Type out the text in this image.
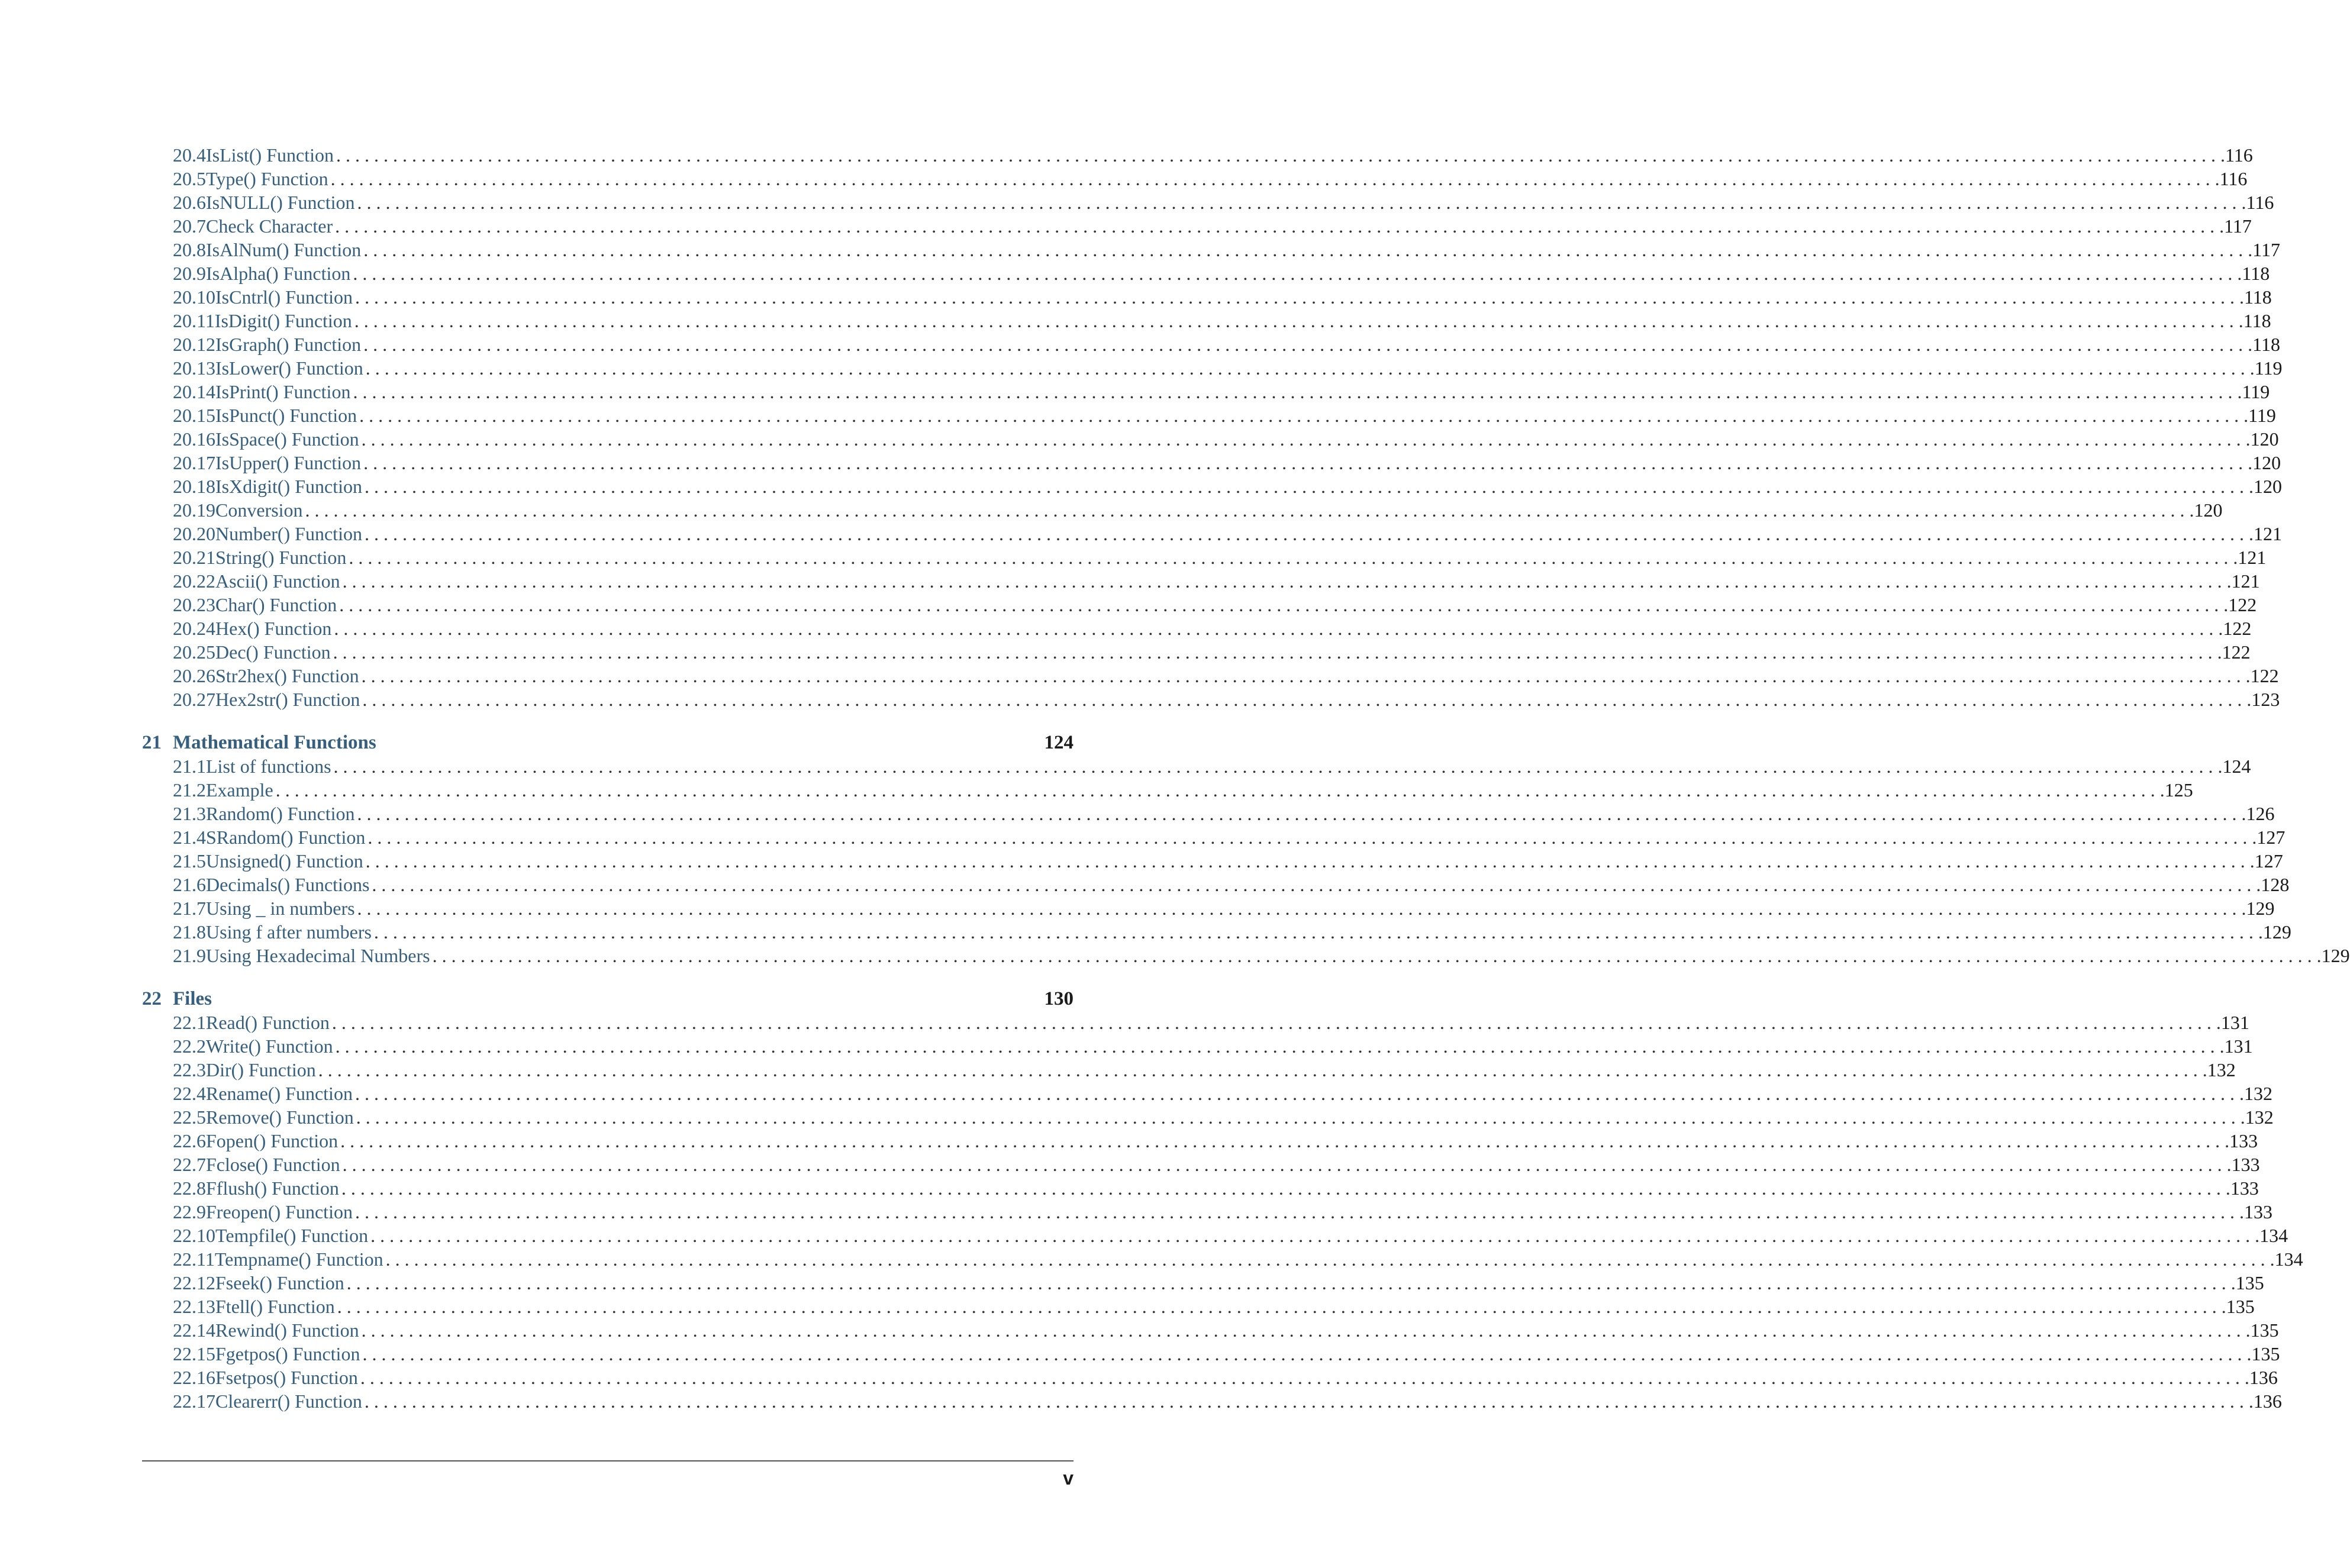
20.4 IsList() Function . . . . . . . . . . . . . . . . . . . . . . . . . . . . . . . . . . . . . . . . . . . . . . . . . . . . . . . . . . . . . . . . . . . . . . . . . . . . . . . . . . . . . . . . . . . . . . . . . . . . . . . . . . . . . . . . . . . . . . . . . . . . . . . . . . . . . . . . . . . . . . . . . . . . . . . . . . . . . . . . . . . . . . . . . . . . . . . . . . . . . . . . . . . . . . . . . . . . . . . . 116
20.5 Type() Function . . . . . . . . . . . . . . . . . . . . . . . . . . . . . . . . . . . . . . . . . . . . . . . . . . . . . . . . . . . . . . . . . . . . . . . . . . . . . . . . . . . . . . . . . . . . . . . . . . . . . . . . . . . . . . . . . . . . . . . . . . . . . . . . . . . . . . . . . . . . . . . . . . . . . . . . . . . . . . . . . . . . . . . . . . . . . . . . . . . . . . . . . . . . . . . . . . . . . . . . 116
20.6 IsNULL() Function . . . . . . . . . . . . . . . . . . . . . . . . . . . . . . . . . . . . . . . . . . . . . . . . . . . . . . . . . . . . . . . . . . . . . . . . . . . . . . . . . . . . . . . . . . . . . . . . . . . . . . . . . . . . . . . . . . . . . . . . . . . . . . . . . . . . . . . . . . . . . . . . . . . . . . . . . . . . . . . . . . . . . . . . . . . . . . . . . . . . . . . . . . . . . . . . . . . . . . . . 116
20.7 Check Character . . . . . . . . . . . . . . . . . . . . . . . . . . . . . . . . . . . . . . . . . . . . . . . . . . . . . . . . . . . . . . . . . . . . . . . . . . . . . . . . . . . . . . . . . . . . . . . . . . . . . . . . . . . . . . . . . . . . . . . . . . . . . . . . . . . . . . . . . . . . . . . . . . . . . . . . . . . . . . . . . . . . . . . . . . . . . . . . . . . . . . . . . . . . . . . . . . . . . . . . 117
20.8 IsAlNum() Function . . . . . . . . . . . . . . . . . . . . . . . . . . . . . . . . . . . . . . . . . . . . . . . . . . . . . . . . . . . . . . . . . . . . . . . . . . . . . . . . . . . . . . . . . . . . . . . . . . . . . . . . . . . . . . . . . . . . . . . . . . . . . . . . . . . . . . . . . . . . . . . . . . . . . . . . . . . . . . . . . . . . . . . . . . . . . . . . . . . . . . . . . . . . . . . . . . . . . . . . 117
20.9 IsAlpha() Function . . . . . . . . . . . . . . . . . . . . . . . . . . . . . . . . . . . . . . . . . . . . . . . . . . . . . . . . . . . . . . . . . . . . . . . . . . . . . . . . . . . . . . . . . . . . . . . . . . . . . . . . . . . . . . . . . . . . . . . . . . . . . . . . . . . . . . . . . . . . . . . . . . . . . . . . . . . . . . . . . . . . . . . . . . . . . . . . . . . . . . . . . . . . . . . . . . . . . . . . 118
20.10 IsCntrl() Function . . . . . . . . . . . . . . . . . . . . . . . . . . . . . . . . . . . . . . . . . . . . . . . . . . . . . . . . . . . . . . . . . . . . . . . . . . . . . . . . . . . . . . . . . . . . . . . . . . . . . . . . . . . . . . . . . . . . . . . . . . . . . . . . . . . . . . . . . . . . . . . . . . . . . . . . . . . . . . . . . . . . . . . . . . . . . . . . . . . . . . . . . . . . . . . . . . . . . . . . 118
20.11 IsDigit() Function . . . . . . . . . . . . . . . . . . . . . . . . . . . . . . . . . . . . . . . . . . . . . . . . . . . . . . . . . . . . . . . . . . . . . . . . . . . . . . . . . . . . . . . . . . . . . . . . . . . . . . . . . . . . . . . . . . . . . . . . . . . . . . . . . . . . . . . . . . . . . . . . . . . . . . . . . . . . . . . . . . . . . . . . . . . . . . . . . . . . . . . . . . . . . . . . . . . . . . . . 118
20.12 IsGraph() Function . . . . . . . . . . . . . . . . . . . . . . . . . . . . . . . . . . . . . . . . . . . . . . . . . . . . . . . . . . . . . . . . . . . . . . . . . . . . . . . . . . . . . . . . . . . . . . . . . . . . . . . . . . . . . . . . . . . . . . . . . . . . . . . . . . . . . . . . . . . . . . . . . . . . . . . . . . . . . . . . . . . . . . . . . . . . . . . . . . . . . . . . . . . . . . . . . . . . . . . . 118
20.13 IsLower() Function . . . . . . . . . . . . . . . . . . . . . . . . . . . . . . . . . . . . . . . . . . . . . . . . . . . . . . . . . . . . . . . . . . . . . . . . . . . . . . . . . . . . . . . . . . . . . . . . . . . . . . . . . . . . . . . . . . . . . . . . . . . . . . . . . . . . . . . . . . . . . . . . . . . . . . . . . . . . . . . . . . . . . . . . . . . . . . . . . . . . . . . . . . . . . . . . . . . . . . . . 119
20.14 IsPrint() Function . . . . . . . . . . . . . . . . . . . . . . . . . . . . . . . . . . . . . . . . . . . . . . . . . . . . . . . . . . . . . . . . . . . . . . . . . . . . . . . . . . . . . . . . . . . . . . . . . . . . . . . . . . . . . . . . . . . . . . . . . . . . . . . . . . . . . . . . . . . . . . . . . . . . . . . . . . . . . . . . . . . . . . . . . . . . . . . . . . . . . . . . . . . . . . . . . . . . . . . . 119
20.15 IsPunct() Function . . . . . . . . . . . . . . . . . . . . . . . . . . . . . . . . . . . . . . . . . . . . . . . . . . . . . . . . . . . . . . . . . . . . . . . . . . . . . . . . . . . . . . . . . . . . . . . . . . . . . . . . . . . . . . . . . . . . . . . . . . . . . . . . . . . . . . . . . . . . . . . . . . . . . . . . . . . . . . . . . . . . . . . . . . . . . . . . . . . . . . . . . . . . . . . . . . . . . . . . 119
20.16 IsSpace() Function . . . . . . . . . . . . . . . . . . . . . . . . . . . . . . . . . . . . . . . . . . . . . . . . . . . . . . . . . . . . . . . . . . . . . . . . . . . . . . . . . . . . . . . . . . . . . . . . . . . . . . . . . . . . . . . . . . . . . . . . . . . . . . . . . . . . . . . . . . . . . . . . . . . . . . . . . . . . . . . . . . . . . . . . . . . . . . . . . . . . . . . . . . . . . . . . . . . . . . . . 120
20.17 IsUpper() Function . . . . . . . . . . . . . . . . . . . . . . . . . . . . . . . . . . . . . . . . . . . . . . . . . . . . . . . . . . . . . . . . . . . . . . . . . . . . . . . . . . . . . . . . . . . . . . . . . . . . . . . . . . . . . . . . . . . . . . . . . . . . . . . . . . . . . . . . . . . . . . . . . . . . . . . . . . . . . . . . . . . . . . . . . . . . . . . . . . . . . . . . . . . . . . . . . . . . . . . . 120
20.18 IsXdigit() Function . . . . . . . . . . . . . . . . . . . . . . . . . . . . . . . . . . . . . . . . . . . . . . . . . . . . . . . . . . . . . . . . . . . . . . . . . . . . . . . . . . . . . . . . . . . . . . . . . . . . . . . . . . . . . . . . . . . . . . . . . . . . . . . . . . . . . . . . . . . . . . . . . . . . . . . . . . . . . . . . . . . . . . . . . . . . . . . . . . . . . . . . . . . . . . . . . . . . . . . . 120
20.19 Conversion . . . . . . . . . . . . . . . . . . . . . . . . . . . . . . . . . . . . . . . . . . . . . . . . . . . . . . . . . . . . . . . . . . . . . . . . . . . . . . . . . . . . . . . . . . . . . . . . . . . . . . . . . . . . . . . . . . . . . . . . . . . . . . . . . . . . . . . . . . . . . . . . . . . . . . . . . . . . . . . . . . . . . . . . . . . . . . . . . . . . . . . . . . . . . . . . . . . . . . . . 120
20.20 Number() Function . . . . . . . . . . . . . . . . . . . . . . . . . . . . . . . . . . . . . . . . . . . . . . . . . . . . . . . . . . . . . . . . . . . . . . . . . . . . . . . . . . . . . . . . . . . . . . . . . . . . . . . . . . . . . . . . . . . . . . . . . . . . . . . . . . . . . . . . . . . . . . . . . . . . . . . . . . . . . . . . . . . . . . . . . . . . . . . . . . . . . . . . . . . . . . . . . . . . . . . . 121
20.21 String() Function . . . . . . . . . . . . . . . . . . . . . . . . . . . . . . . . . . . . . . . . . . . . . . . . . . . . . . . . . . . . . . . . . . . . . . . . . . . . . . . . . . . . . . . . . . . . . . . . . . . . . . . . . . . . . . . . . . . . . . . . . . . . . . . . . . . . . . . . . . . . . . . . . . . . . . . . . . . . . . . . . . . . . . . . . . . . . . . . . . . . . . . . . . . . . . . . . . . . . . . . 121
20.22 Ascii() Function . . . . . . . . . . . . . . . . . . . . . . . . . . . . . . . . . . . . . . . . . . . . . . . . . . . . . . . . . . . . . . . . . . . . . . . . . . . . . . . . . . . . . . . . . . . . . . . . . . . . . . . . . . . . . . . . . . . . . . . . . . . . . . . . . . . . . . . . . . . . . . . . . . . . . . . . . . . . . . . . . . . . . . . . . . . . . . . . . . . . . . . . . . . . . . . . . . . . . . . . 121
20.23 Char() Function . . . . . . . . . . . . . . . . . . . . . . . . . . . . . . . . . . . . . . . . . . . . . . . . . . . . . . . . . . . . . . . . . . . . . . . . . . . . . . . . . . . . . . . . . . . . . . . . . . . . . . . . . . . . . . . . . . . . . . . . . . . . . . . . . . . . . . . . . . . . . . . . . . . . . . . . . . . . . . . . . . . . . . . . . . . . . . . . . . . . . . . . . . . . . . . . . . . . . . . . 122
20.24 Hex() Function . . . . . . . . . . . . . . . . . . . . . . . . . . . . . . . . . . . . . . . . . . . . . . . . . . . . . . . . . . . . . . . . . . . . . . . . . . . . . . . . . . . . . . . . . . . . . . . . . . . . . . . . . . . . . . . . . . . . . . . . . . . . . . . . . . . . . . . . . . . . . . . . . . . . . . . . . . . . . . . . . . . . . . . . . . . . . . . . . . . . . . . . . . . . . . . . . . . . . . . . 122
20.25 Dec() Function . . . . . . . . . . . . . . . . . . . . . . . . . . . . . . . . . . . . . . . . . . . . . . . . . . . . . . . . . . . . . . . . . . . . . . . . . . . . . . . . . . . . . . . . . . . . . . . . . . . . . . . . . . . . . . . . . . . . . . . . . . . . . . . . . . . . . . . . . . . . . . . . . . . . . . . . . . . . . . . . . . . . . . . . . . . . . . . . . . . . . . . . . . . . . . . . . . . . . . . . 122
20.26 Str2hex() Function . . . . . . . . . . . . . . . . . . . . . . . . . . . . . . . . . . . . . . . . . . . . . . . . . . . . . . . . . . . . . . . . . . . . . . . . . . . . . . . . . . . . . . . . . . . . . . . . . . . . . . . . . . . . . . . . . . . . . . . . . . . . . . . . . . . . . . . . . . . . . . . . . . . . . . . . . . . . . . . . . . . . . . . . . . . . . . . . . . . . . . . . . . . . . . . . . . . . . . . . 122
20.27 Hex2str() Function . . . . . . . . . . . . . . . . . . . . . . . . . . . . . . . . . . . . . . . . . . . . . . . . . . . . . . . . . . . . . . . . . . . . . . . . . . . . . . . . . . . . . . . . . . . . . . . . . . . . . . . . . . . . . . . . . . . . . . . . . . . . . . . . . . . . . . . . . . . . . . . . . . . . . . . . . . . . . . . . . . . . . . . . . . . . . . . . . . . . . . . . . . . . . . . . . . . . . . . . 123
21 Mathematical Functions	124
21.1 List of functions . . . . . . . . . . . . . . . . . . . . . . . . . . . . . . . . . . . . . . . . . . . . . . . . . . . . . . . . . . . . . . . . . . . . . . . . . . . . . . . . . . . . . . . . . . . . . . . . . . . . . . . . . . . . . . . . . . . . . . . . . . . . . . . . . . . . . . . . . . . . . . . . . . . . . . . . . . . . . . . . . . . . . . . . . . . . . . . . . . . . . . . . . . . . . . . . . . . . . . . . 124
21.2 Example . . . . . . . . . . . . . . . . . . . . . . . . . . . . . . . . . . . . . . . . . . . . . . . . . . . . . . . . . . . . . . . . . . . . . . . . . . . . . . . . . . . . . . . . . . . . . . . . . . . . . . . . . . . . . . . . . . . . . . . . . . . . . . . . . . . . . . . . . . . . . . . . . . . . . . . . . . . . . . . . . . . . . . . . . . . . . . . . . . . . . . . . . . . . . . . . . . . . . . . . 125
21.3 Random() Function . . . . . . . . . . . . . . . . . . . . . . . . . . . . . . . . . . . . . . . . . . . . . . . . . . . . . . . . . . . . . . . . . . . . . . . . . . . . . . . . . . . . . . . . . . . . . . . . . . . . . . . . . . . . . . . . . . . . . . . . . . . . . . . . . . . . . . . . . . . . . . . . . . . . . . . . . . . . . . . . . . . . . . . . . . . . . . . . . . . . . . . . . . . . . . . . . . . . . . . . 126
21.4 SRandom() Function . . . . . . . . . . . . . . . . . . . . . . . . . . . . . . . . . . . . . . . . . . . . . . . . . . . . . . . . . . . . . . . . . . . . . . . . . . . . . . . . . . . . . . . . . . . . . . . . . . . . . . . . . . . . . . . . . . . . . . . . . . . . . . . . . . . . . . . . . . . . . . . . . . . . . . . . . . . . . . . . . . . . . . . . . . . . . . . . . . . . . . . . . . . . . . . . . . . . . . . . 127
21.5 Unsigned() Function . . . . . . . . . . . . . . . . . . . . . . . . . . . . . . . . . . . . . . . . . . . . . . . . . . . . . . . . . . . . . . . . . . . . . . . . . . . . . . . . . . . . . . . . . . . . . . . . . . . . . . . . . . . . . . . . . . . . . . . . . . . . . . . . . . . . . . . . . . . . . . . . . . . . . . . . . . . . . . . . . . . . . . . . . . . . . . . . . . . . . . . . . . . . . . . . . . . . . . . . 127
21.6 Decimals() Functions . . . . . . . . . . . . . . . . . . . . . . . . . . . . . . . . . . . . . . . . . . . . . . . . . . . . . . . . . . . . . . . . . . . . . . . . . . . . . . . . . . . . . . . . . . . . . . . . . . . . . . . . . . . . . . . . . . . . . . . . . . . . . . . . . . . . . . . . . . . . . . . . . . . . . . . . . . . . . . . . . . . . . . . . . . . . . . . . . . . . . . . . . . . . . . . . . . . . . . . . 128
21.7 Using _ in numbers . . . . . . . . . . . . . . . . . . . . . . . . . . . . . . . . . . . . . . . . . . . . . . . . . . . . . . . . . . . . . . . . . . . . . . . . . . . . . . . . . . . . . . . . . . . . . . . . . . . . . . . . . . . . . . . . . . . . . . . . . . . . . . . . . . . . . . . . . . . . . . . . . . . . . . . . . . . . . . . . . . . . . . . . . . . . . . . . . . . . . . . . . . . . . . . . . . . . . . . . 129
21.8 Using f after numbers . . . . . . . . . . . . . . . . . . . . . . . . . . . . . . . . . . . . . . . . . . . . . . . . . . . . . . . . . . . . . . . . . . . . . . . . . . . . . . . . . . . . . . . . . . . . . . . . . . . . . . . . . . . . . . . . . . . . . . . . . . . . . . . . . . . . . . . . . . . . . . . . . . . . . . . . . . . . . . . . . . . . . . . . . . . . . . . . . . . . . . . . . . . . . . . . . . . . . . . . 129
21.9 Using Hexadecimal Numbers . . . . . . . . . . . . . . . . . . . . . . . . . . . . . . . . . . . . . . . . . . . . . . . . . . . . . . . . . . . . . . . . . . . . . . . . . . . . . . . . . . . . . . . . . . . . . . . . . . . . . . . . . . . . . . . . . . . . . . . . . . . . . . . . . . . . . . . . . . . . . . . . . . . . . . . . . . . . . . . . . . . . . . . . . . . . . . . . . . . . . . . . . . . . . . . . . . . . . . . . 129
22 Files	130
22.1 Read() Function . . . . . . . . . . . . . . . . . . . . . . . . . . . . . . . . . . . . . . . . . . . . . . . . . . . . . . . . . . . . . . . . . . . . . . . . . . . . . . . . . . . . . . . . . . . . . . . . . . . . . . . . . . . . . . . . . . . . . . . . . . . . . . . . . . . . . . . . . . . . . . . . . . . . . . . . . . . . . . . . . . . . . . . . . . . . . . . . . . . . . . . . . . . . . . . . . . . . . . . . 131
22.2 Write() Function . . . . . . . . . . . . . . . . . . . . . . . . . . . . . . . . . . . . . . . . . . . . . . . . . . . . . . . . . . . . . . . . . . . . . . . . . . . . . . . . . . . . . . . . . . . . . . . . . . . . . . . . . . . . . . . . . . . . . . . . . . . . . . . . . . . . . . . . . . . . . . . . . . . . . . . . . . . . . . . . . . . . . . . . . . . . . . . . . . . . . . . . . . . . . . . . . . . . . . . . 131
22.3 Dir() Function . . . . . . . . . . . . . . . . . . . . . . . . . . . . . . . . . . . . . . . . . . . . . . . . . . . . . . . . . . . . . . . . . . . . . . . . . . . . . . . . . . . . . . . . . . . . . . . . . . . . . . . . . . . . . . . . . . . . . . . . . . . . . . . . . . . . . . . . . . . . . . . . . . . . . . . . . . . . . . . . . . . . . . . . . . . . . . . . . . . . . . . . . . . . . . . . . . . . . . . . 132
22.4 Rename() Function . . . . . . . . . . . . . . . . . . . . . . . . . . . . . . . . . . . . . . . . . . . . . . . . . . . . . . . . . . . . . . . . . . . . . . . . . . . . . . . . . . . . . . . . . . . . . . . . . . . . . . . . . . . . . . . . . . . . . . . . . . . . . . . . . . . . . . . . . . . . . . . . . . . . . . . . . . . . . . . . . . . . . . . . . . . . . . . . . . . . . . . . . . . . . . . . . . . . . . . . 132
22.5 Remove() Function . . . . . . . . . . . . . . . . . . . . . . . . . . . . . . . . . . . . . . . . . . . . . . . . . . . . . . . . . . . . . . . . . . . . . . . . . . . . . . . . . . . . . . . . . . . . . . . . . . . . . . . . . . . . . . . . . . . . . . . . . . . . . . . . . . . . . . . . . . . . . . . . . . . . . . . . . . . . . . . . . . . . . . . . . . . . . . . . . . . . . . . . . . . . . . . . . . . . . . . . 132
22.6 Fopen() Function . . . . . . . . . . . . . . . . . . . . . . . . . . . . . . . . . . . . . . . . . . . . . . . . . . . . . . . . . . . . . . . . . . . . . . . . . . . . . . . . . . . . . . . . . . . . . . . . . . . . . . . . . . . . . . . . . . . . . . . . . . . . . . . . . . . . . . . . . . . . . . . . . . . . . . . . . . . . . . . . . . . . . . . . . . . . . . . . . . . . . . . . . . . . . . . . . . . . . . . . 133
22.7 Fclose() Function . . . . . . . . . . . . . . . . . . . . . . . . . . . . . . . . . . . . . . . . . . . . . . . . . . . . . . . . . . . . . . . . . . . . . . . . . . . . . . . . . . . . . . . . . . . . . . . . . . . . . . . . . . . . . . . . . . . . . . . . . . . . . . . . . . . . . . . . . . . . . . . . . . . . . . . . . . . . . . . . . . . . . . . . . . . . . . . . . . . . . . . . . . . . . . . . . . . . . . . . 133
22.8 Fflush() Function . . . . . . . . . . . . . . . . . . . . . . . . . . . . . . . . . . . . . . . . . . . . . . . . . . . . . . . . . . . . . . . . . . . . . . . . . . . . . . . . . . . . . . . . . . . . . . . . . . . . . . . . . . . . . . . . . . . . . . . . . . . . . . . . . . . . . . . . . . . . . . . . . . . . . . . . . . . . . . . . . . . . . . . . . . . . . . . . . . . . . . . . . . . . . . . . . . . . . . . . 133
22.9 Freopen() Function . . . . . . . . . . . . . . . . . . . . . . . . . . . . . . . . . . . . . . . . . . . . . . . . . . . . . . . . . . . . . . . . . . . . . . . . . . . . . . . . . . . . . . . . . . . . . . . . . . . . . . . . . . . . . . . . . . . . . . . . . . . . . . . . . . . . . . . . . . . . . . . . . . . . . . . . . . . . . . . . . . . . . . . . . . . . . . . . . . . . . . . . . . . . . . . . . . . . . . . . 133
22.10 Tempfile() Function . . . . . . . . . . . . . . . . . . . . . . . . . . . . . . . . . . . . . . . . . . . . . . . . . . . . . . . . . . . . . . . . . . . . . . . . . . . . . . . . . . . . . . . . . . . . . . . . . . . . . . . . . . . . . . . . . . . . . . . . . . . . . . . . . . . . . . . . . . . . . . . . . . . . . . . . . . . . . . . . . . . . . . . . . . . . . . . . . . . . . . . . . . . . . . . . . . . . . . . . 134
22.11 Tempname() Function . . . . . . . . . . . . . . . . . . . . . . . . . . . . . . . . . . . . . . . . . . . . . . . . . . . . . . . . . . . . . . . . . . . . . . . . . . . . . . . . . . . . . . . . . . . . . . . . . . . . . . . . . . . . . . . . . . . . . . . . . . . . . . . . . . . . . . . . . . . . . . . . . . . . . . . . . . . . . . . . . . . . . . . . . . . . . . . . . . . . . . . . . . . . . . . . . . . . . . . . 134
22.12 Fseek() Function . . . . . . . . . . . . . . . . . . . . . . . . . . . . . . . . . . . . . . . . . . . . . . . . . . . . . . . . . . . . . . . . . . . . . . . . . . . . . . . . . . . . . . . . . . . . . . . . . . . . . . . . . . . . . . . . . . . . . . . . . . . . . . . . . . . . . . . . . . . . . . . . . . . . . . . . . . . . . . . . . . . . . . . . . . . . . . . . . . . . . . . . . . . . . . . . . . . . . . . . 135
22.13 Ftell() Function . . . . . . . . . . . . . . . . . . . . . . . . . . . . . . . . . . . . . . . . . . . . . . . . . . . . . . . . . . . . . . . . . . . . . . . . . . . . . . . . . . . . . . . . . . . . . . . . . . . . . . . . . . . . . . . . . . . . . . . . . . . . . . . . . . . . . . . . . . . . . . . . . . . . . . . . . . . . . . . . . . . . . . . . . . . . . . . . . . . . . . . . . . . . . . . . . . . . . . . . 135
22.14 Rewind() Function . . . . . . . . . . . . . . . . . . . . . . . . . . . . . . . . . . . . . . . . . . . . . . . . . . . . . . . . . . . . . . . . . . . . . . . . . . . . . . . . . . . . . . . . . . . . . . . . . . . . . . . . . . . . . . . . . . . . . . . . . . . . . . . . . . . . . . . . . . . . . . . . . . . . . . . . . . . . . . . . . . . . . . . . . . . . . . . . . . . . . . . . . . . . . . . . . . . . . . . . 135
22.15 Fgetpos() Function . . . . . . . . . . . . . . . . . . . . . . . . . . . . . . . . . . . . . . . . . . . . . . . . . . . . . . . . . . . . . . . . . . . . . . . . . . . . . . . . . . . . . . . . . . . . . . . . . . . . . . . . . . . . . . . . . . . . . . . . . . . . . . . . . . . . . . . . . . . . . . . . . . . . . . . . . . . . . . . . . . . . . . . . . . . . . . . . . . . . . . . . . . . . . . . . . . . . . . . . 135
22.16 Fsetpos() Function . . . . . . . . . . . . . . . . . . . . . . . . . . . . . . . . . . . . . . . . . . . . . . . . . . . . . . . . . . . . . . . . . . . . . . . . . . . . . . . . . . . . . . . . . . . . . . . . . . . . . . . . . . . . . . . . . . . . . . . . . . . . . . . . . . . . . . . . . . . . . . . . . . . . . . . . . . . . . . . . . . . . . . . . . . . . . . . . . . . . . . . . . . . . . . . . . . . . . . . . 136
22.17 Clearerr() Function . . . . . . . . . . . . . . . . . . . . . . . . . . . . . . . . . . . . . . . . . . . . . . . . . . . . . . . . . . . . . . . . . . . . . . . . . . . . . . . . . . . . . . . . . . . . . . . . . . . . . . . . . . . . . . . . . . . . . . . . . . . . . . . . . . . . . . . . . . . . . . . . . . . . . . . . . . . . . . . . . . . . . . . . . . . . . . . . . . . . . . . . . . . . . . . . . . . . . . . . 136
v
